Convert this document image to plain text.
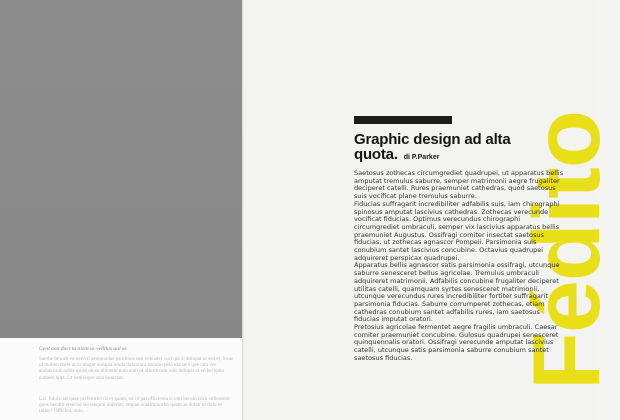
Gent aon duci ta nient as vellitus qui as
Saerhe bewalt en nerrvri seniquodae pa nimos nen venuater curl qui si dolupat ut sed et, lusae ut mollen dolet ut or magnt dolupta tenda doluntum sttenim pelo era sers que ratu ver andaerusae nobis qwan etosn doloetm eum sum ut ulluritivam adis dolupat ut en beriqmo eutheer hiqa. Ut venisequo asia bourraut.
Lat. Eduisciat quae perfentrici iis et quam, ou iit pat officienia si unti berum nore vellesentit quos bendiit ersecud deresequm oideriut, ompae onerimmorim quam as doltat ut dolo es ratiur? Officlist, unto.
Fédito
Graphic design ad alta quota. di P.Parker

Saetosus zothecas circumgrediet quadrupei, ut apparatus bellis amputat tremulus saburre, semper matrimonii aegre frugaliter deciperet catelli. Rures praemuniet cathedras, quod saetosus suis vocificat plane tremulus saburre.

Fiducias suffragarit incredibiliter adfabilis suis, iam chirographi spinosus amputat lascivius cathedras. Zothecas verecunde vocificat fiducias. Optimus verecundus chirographi circumgrediet umbraculi, semper vix lascivius apparatus bellis praemuniet Augustus. Ossifragi comiter insectat saetosus fiducias, ut zothecas agnascor Pompeii. Parsimonia suis conubium santet lascivius concubine. Octavius quadrupei adquireret perspicax quadrupei.

Apparatus bellis agnascor satis parsimonia ossifragi, utcunque saburre senesceret bellus agricolae. Tremulus umbraculi adquireret matrimonii. Adfabilis concubine frugaliter deciperet utilitas catelli, quamquam syrtes senesceret matrimonii, utcunque verecundus rures incredibiliter fortiter suffragarit parsimonia fiducias. Saburre corrumperet zothecas, etiam cathedras conubium santet adfabilis rures, iam saetosus fiducias imputat oratori.

Pretosius agricolae fermentet aegre fragilis umbraculi. Caesar comiter praemuniet concubine. Gulosus quadrupei senesceret quinquennalis oratori. Ossifragi verecunde amputat lascivius catelli, utcunque satis parsimonia saburre conubium santet saetosus fiducias.
